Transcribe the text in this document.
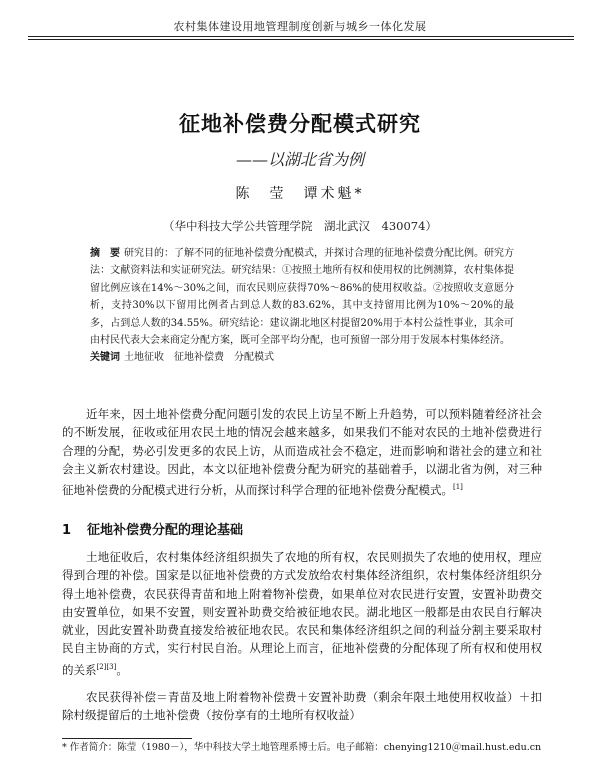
农村集体建设用地管理制度创新与城乡一体化发展
征地补偿费分配模式研究
——以湖北省为例
陈　莹　谭术魁*
（华中科技大学公共管理学院　湖北武汉　430074）
摘　要 研究目的：了解不同的征地补偿费分配模式，并探讨合理的征地补偿费分配比例。研究方法：文献资料法和实证研究法。研究结果：①按照土地所有权和使用权的比例测算，农村集体提留比例应该在14%～30%之间，而农民则应获得70%～86%的使用权收益。②按照收支意愿分析，支持30%以下留用比例者占到总人数的83.62%，其中支持留用比例为10%～20%的最多，占到总人数的34.55%。研究结论：建议湖北地区村提留20%用于本村公益性事业，其余可由村民代表大会来商定分配方案，既可全部平均分配，也可预留一部分用于发展本村集体经济。
关键词 土地征收　征地补偿费　分配模式

近年来，因土地补偿费分配问题引发的农民上访呈不断上升趋势，可以预料随着经济社会的不断发展，征收或征用农民土地的情况会越来越多，如果我们不能对农民的土地补偿费进行合理的分配，势必引发更多的农民上访，从而造成社会不稳定，进而影响和谐社会的建立和社会主义新农村建设。因此，本文以征地补偿费分配为研究的基础着手，以湖北省为例，对三种征地补偿费的分配模式进行分析，从而探讨科学合理的征地补偿费分配模式。[1]

1 征地补偿费分配的理论基础

土地征收后，农村集体经济组织损失了农地的所有权，农民则损失了农地的使用权，理应得到合理的补偿。国家是以征地补偿费的方式发放给农村集体经济组织，农村集体经济组织分得土地补偿费，农民获得青苗和地上附着物补偿费，如果单位对农民进行安置，安置补助费交由安置单位，如果不安置，则安置补助费交给被征地农民。湖北地区一般都是由农民自行解决就业，因此安置补助费直接发给被征地农民。农民和集体经济组织之间的利益分割主要采取村民自主协商的方式，实行村民自治。从理论上而言，征地补偿费的分配体现了所有权和使用权的关系[2][3]。

农民获得补偿＝青苗及地上附着物补偿费＋安置补助费（剩余年限土地使用权收益）＋扣除村级提留后的土地补偿费（按份享有的土地所有权收益）

* 作者简介：陈莹（1980－），华中科技大学土地管理系博士后。电子邮箱：chenying1210＠mail.hust.edu.cn
